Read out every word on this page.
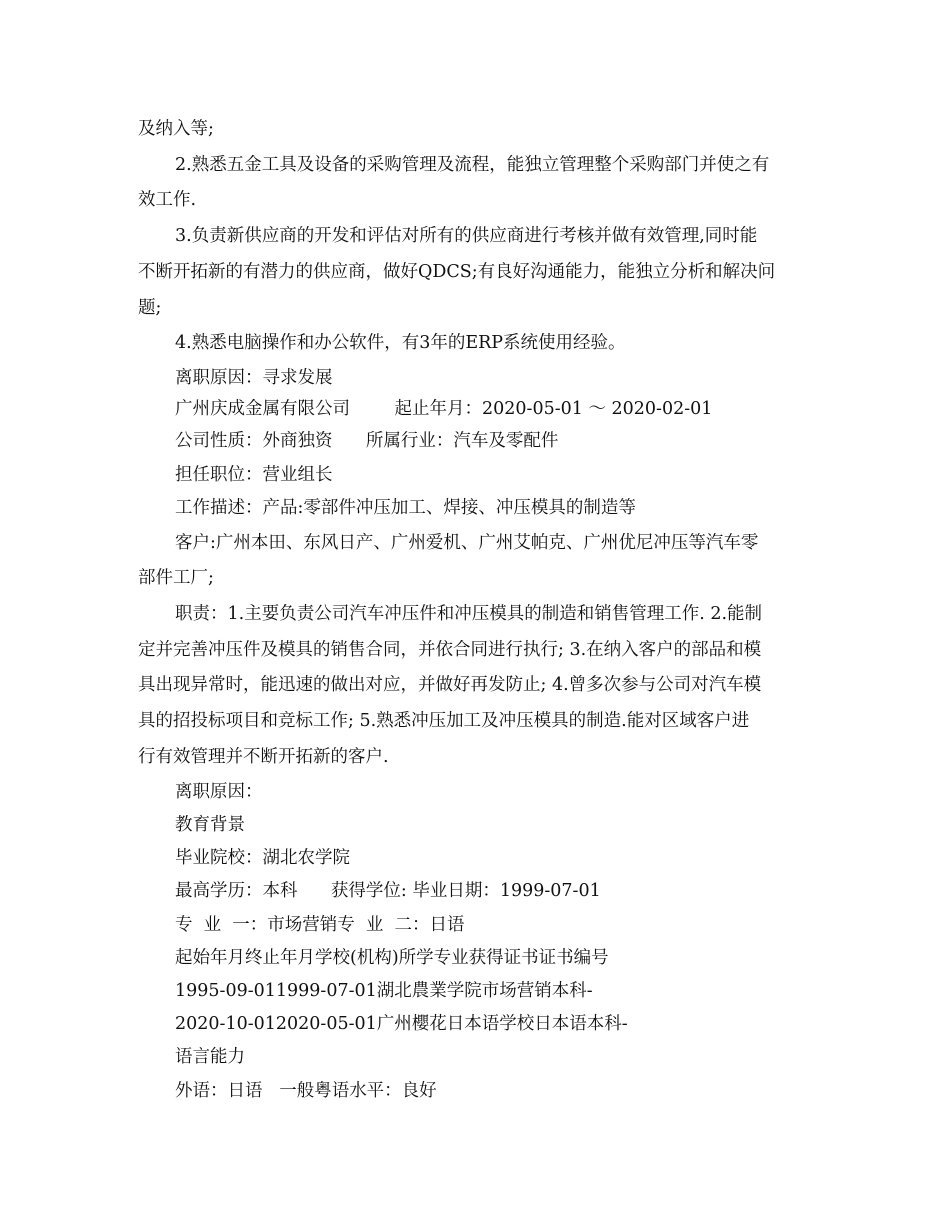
及纳入等;

2.熟悉五金工具及设备的采购管理及流程，能独立管理整个采购部门并使之有

效工作.

3.负责新供应商的开发和评估对所有的供应商进行考核并做有效管理,同时能

不断开拓新的有潜力的供应商，做好QDCS;有良好沟通能力，能独立分析和解决问

题;

4.熟悉电脑操作和办公软件，有3年的ERP系统使用经验。

离职原因：寻求发展

广州庆成金属有限公司        起止年月：2020-05-01 ～ 2020-02-01

公司性质：外商独资      所属行业：汽车及零配件

担任职位：营业组长

工作描述：产品:零部件冲压加工、焊接、冲压模具的制造等

客户:广州本田、东风日产、广州爱机、广州艾帕克、广州优尼冲压等汽车零

部件工厂;

职责：1.主要负责公司汽车冲压件和冲压模具的制造和销售管理工作. 2.能制

定并完善冲压件及模具的销售合同，并依合同进行执行; 3.在纳入客户的部品和模

具出现异常时，能迅速的做出对应，并做好再发防止; 4.曾多次参与公司对汽车模

具的招投标项目和竞标工作; 5.熟悉冲压加工及冲压模具的制造.能对区域客户进

行有效管理并不断开拓新的客户.

离职原因：

教育背景

毕业院校：湖北农学院

最高学历：本科      获得学位: 毕业日期：1999-07-01

专  业  一：市场营销专  业  二：日语

起始年月终止年月学校(机构)所学专业获得证书证书编号

1995-09-011999-07-01湖北農業学院市场营销本科-

2020-10-012020-05-01广州櫻花日本语学校日本语本科-

语言能力

外语：日语   一般粤语水平：良好
